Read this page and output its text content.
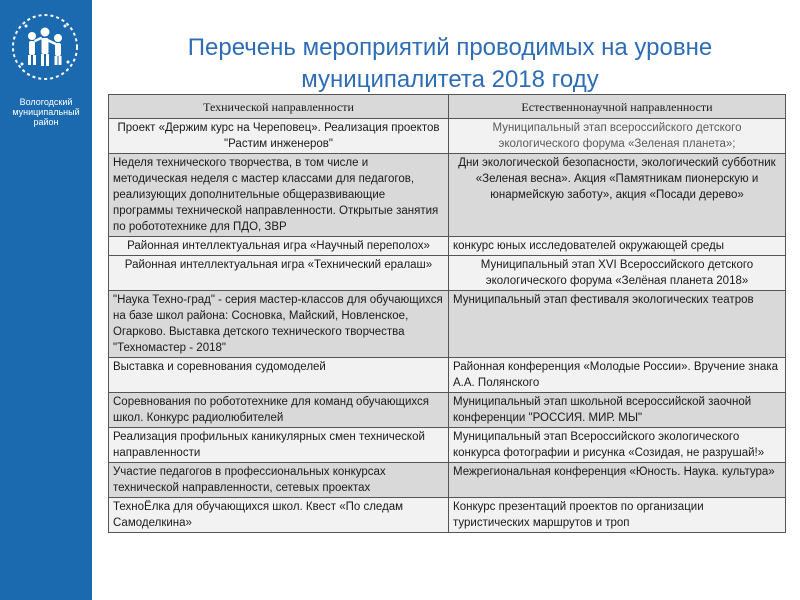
Вологодский
муниципальный
район
Перечень мероприятий проводимых на уровне
муниципалитета 2018 году
Технической направленности	Естественнонаучной направленности
Проект «Держим курс на Череповец». Реализация проектов "Растим инженеров"	Муниципальный этап всероссийского детского экологического форума «Зеленая планета»;
Неделя технического творчества, в том числе и методическая неделя с мастер классами для педагогов, реализующих дополнительные общеразвивающие программы технической направленности. Открытые занятия по робототехнике для ПДО, ЗВР	Дни экологической безопасности, экологический субботник «Зеленая весна». Акция «Памятникам пионерскую и юнармейскую заботу», акция «Посади дерево»
Районная интеллектуальная игра «Научный переполох»	конкурс юных исследователей окружающей среды
Районная интеллектуальная игра «Технический ералаш»	Муниципальный этап XVI Всероссийского детского экологического форума «Зелёная планета 2018»
"Наука Техно-град" - серия мастер-классов для обучающихся на базе школ района: Сосновка, Майский, Новленское, Огарково. Выставка детского технического творчества "Техномастер - 2018"	Муниципальный этап фестиваля экологических театров
Выставка и соревнования судомоделей	Районная конференция «Молодые России». Вручение знака А.А. Полянского
Соревнования по робототехнике для команд обучающихся школ. Конкурс радиолюбителей	Муниципальный этап школьной всероссийской заочной конференции "РОССИЯ. МИР. МЫ"
Реализация профильных каникулярных смен технической направленности	Муниципальный этап Всероссийского экологического конкурса фотографии и рисунка «Созидая, не разрушай!»
Участие педагогов в профессиональных конкурсах технической направленности, сетевых проектах	Межрегиональная конференция «Юность. Наука. культура»
ТехноЁлка для обучающихся школ. Квест «По следам Самоделкина»	Конкурс презентаций проектов по организации туристических маршрутов и троп
